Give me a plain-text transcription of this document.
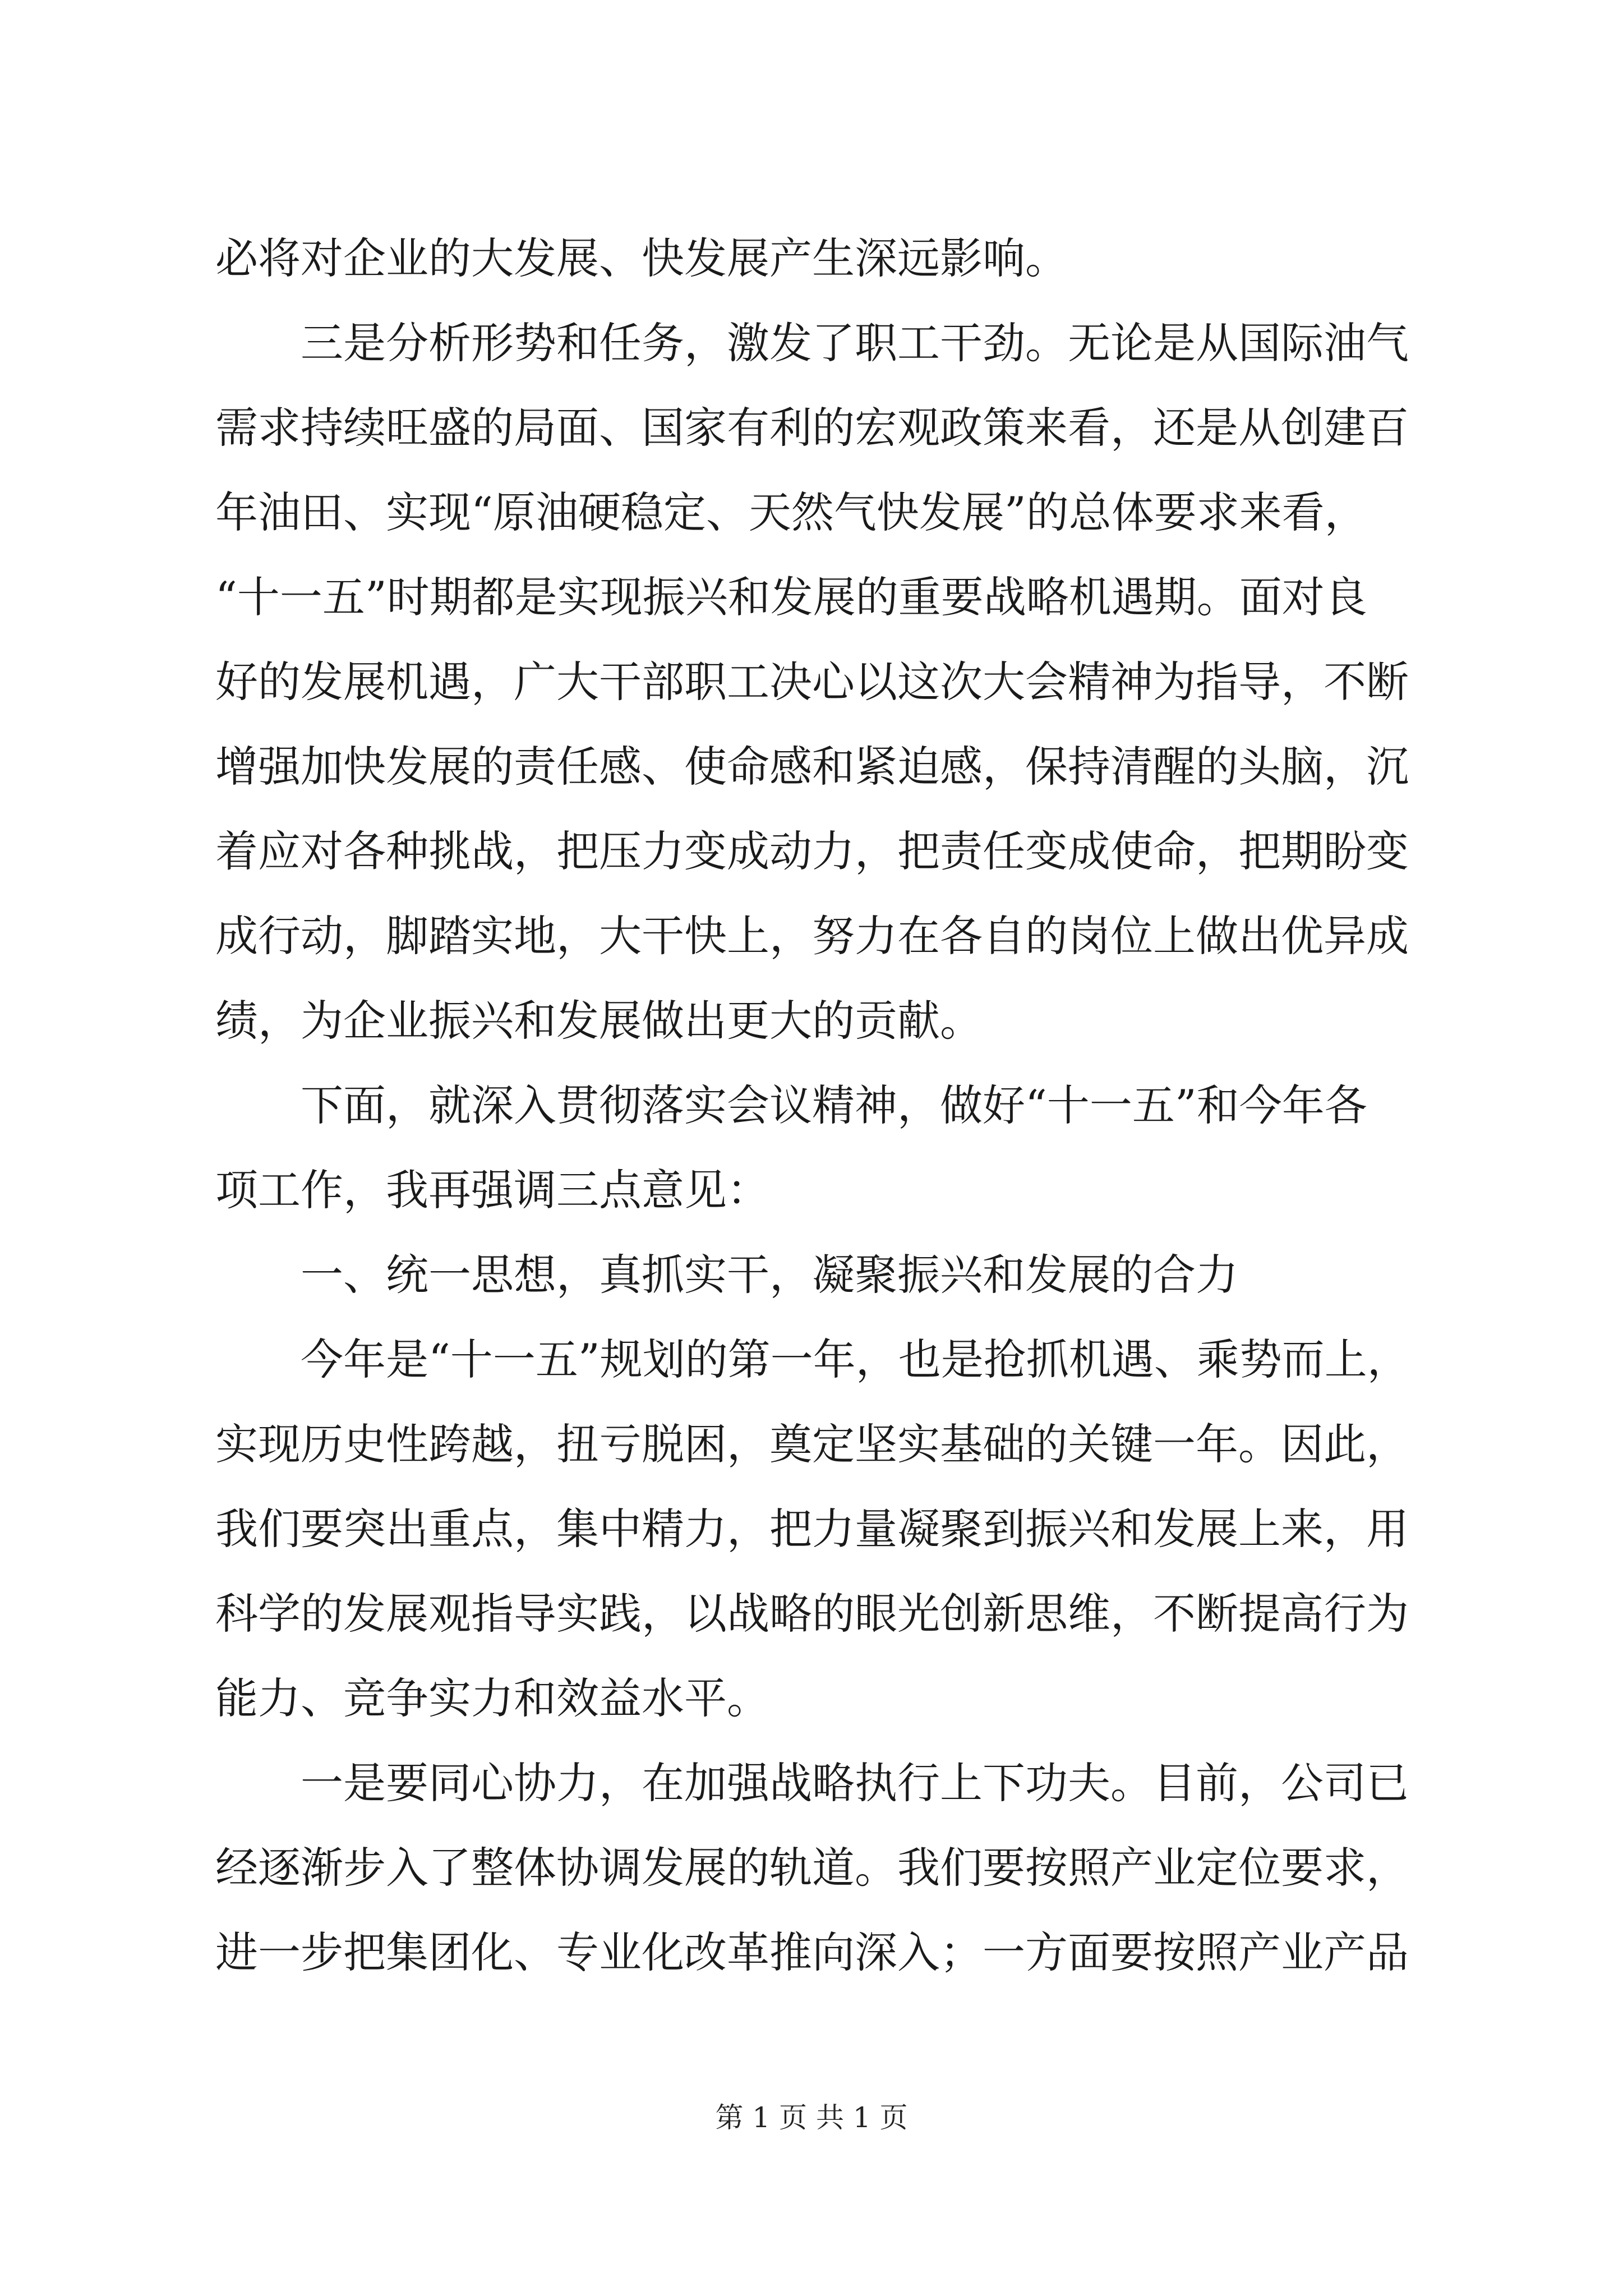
必将对企业的大发展、快发展产生深远影响。
三是分析形势和任务，激发了职工干劲。无论是从国际油气
需求持续旺盛的局面、国家有利的宏观政策来看，还是从创建百
年油田、实现“原油硬稳定、天然气快发展”的总体要求来看，
“十一五”时期都是实现振兴和发展的重要战略机遇期。面对良
好的发展机遇，广大干部职工决心以这次大会精神为指导，不断
增强加快发展的责任感、使命感和紧迫感，保持清醒的头脑，沉
着应对各种挑战，把压力变成动力，把责任变成使命，把期盼变
成行动，脚踏实地，大干快上，努力在各自的岗位上做出优异成
绩，为企业振兴和发展做出更大的贡献。
下面，就深入贯彻落实会议精神，做好“十一五”和今年各
项工作，我再强调三点意见：
一、统一思想，真抓实干，凝聚振兴和发展的合力
今年是“十一五”规划的第一年，也是抢抓机遇、乘势而上，
实现历史性跨越，扭亏脱困，奠定坚实基础的关键一年。因此，
我们要突出重点，集中精力，把力量凝聚到振兴和发展上来，用
科学的发展观指导实践，以战略的眼光创新思维，不断提高行为
能力、竞争实力和效益水平。
一是要同心协力，在加强战略执行上下功夫。目前，公司已
经逐渐步入了整体协调发展的轨道。我们要按照产业定位要求，
进一步把集团化、专业化改革推向深入；一方面要按照产业产品
第 1 页 共 1 页
